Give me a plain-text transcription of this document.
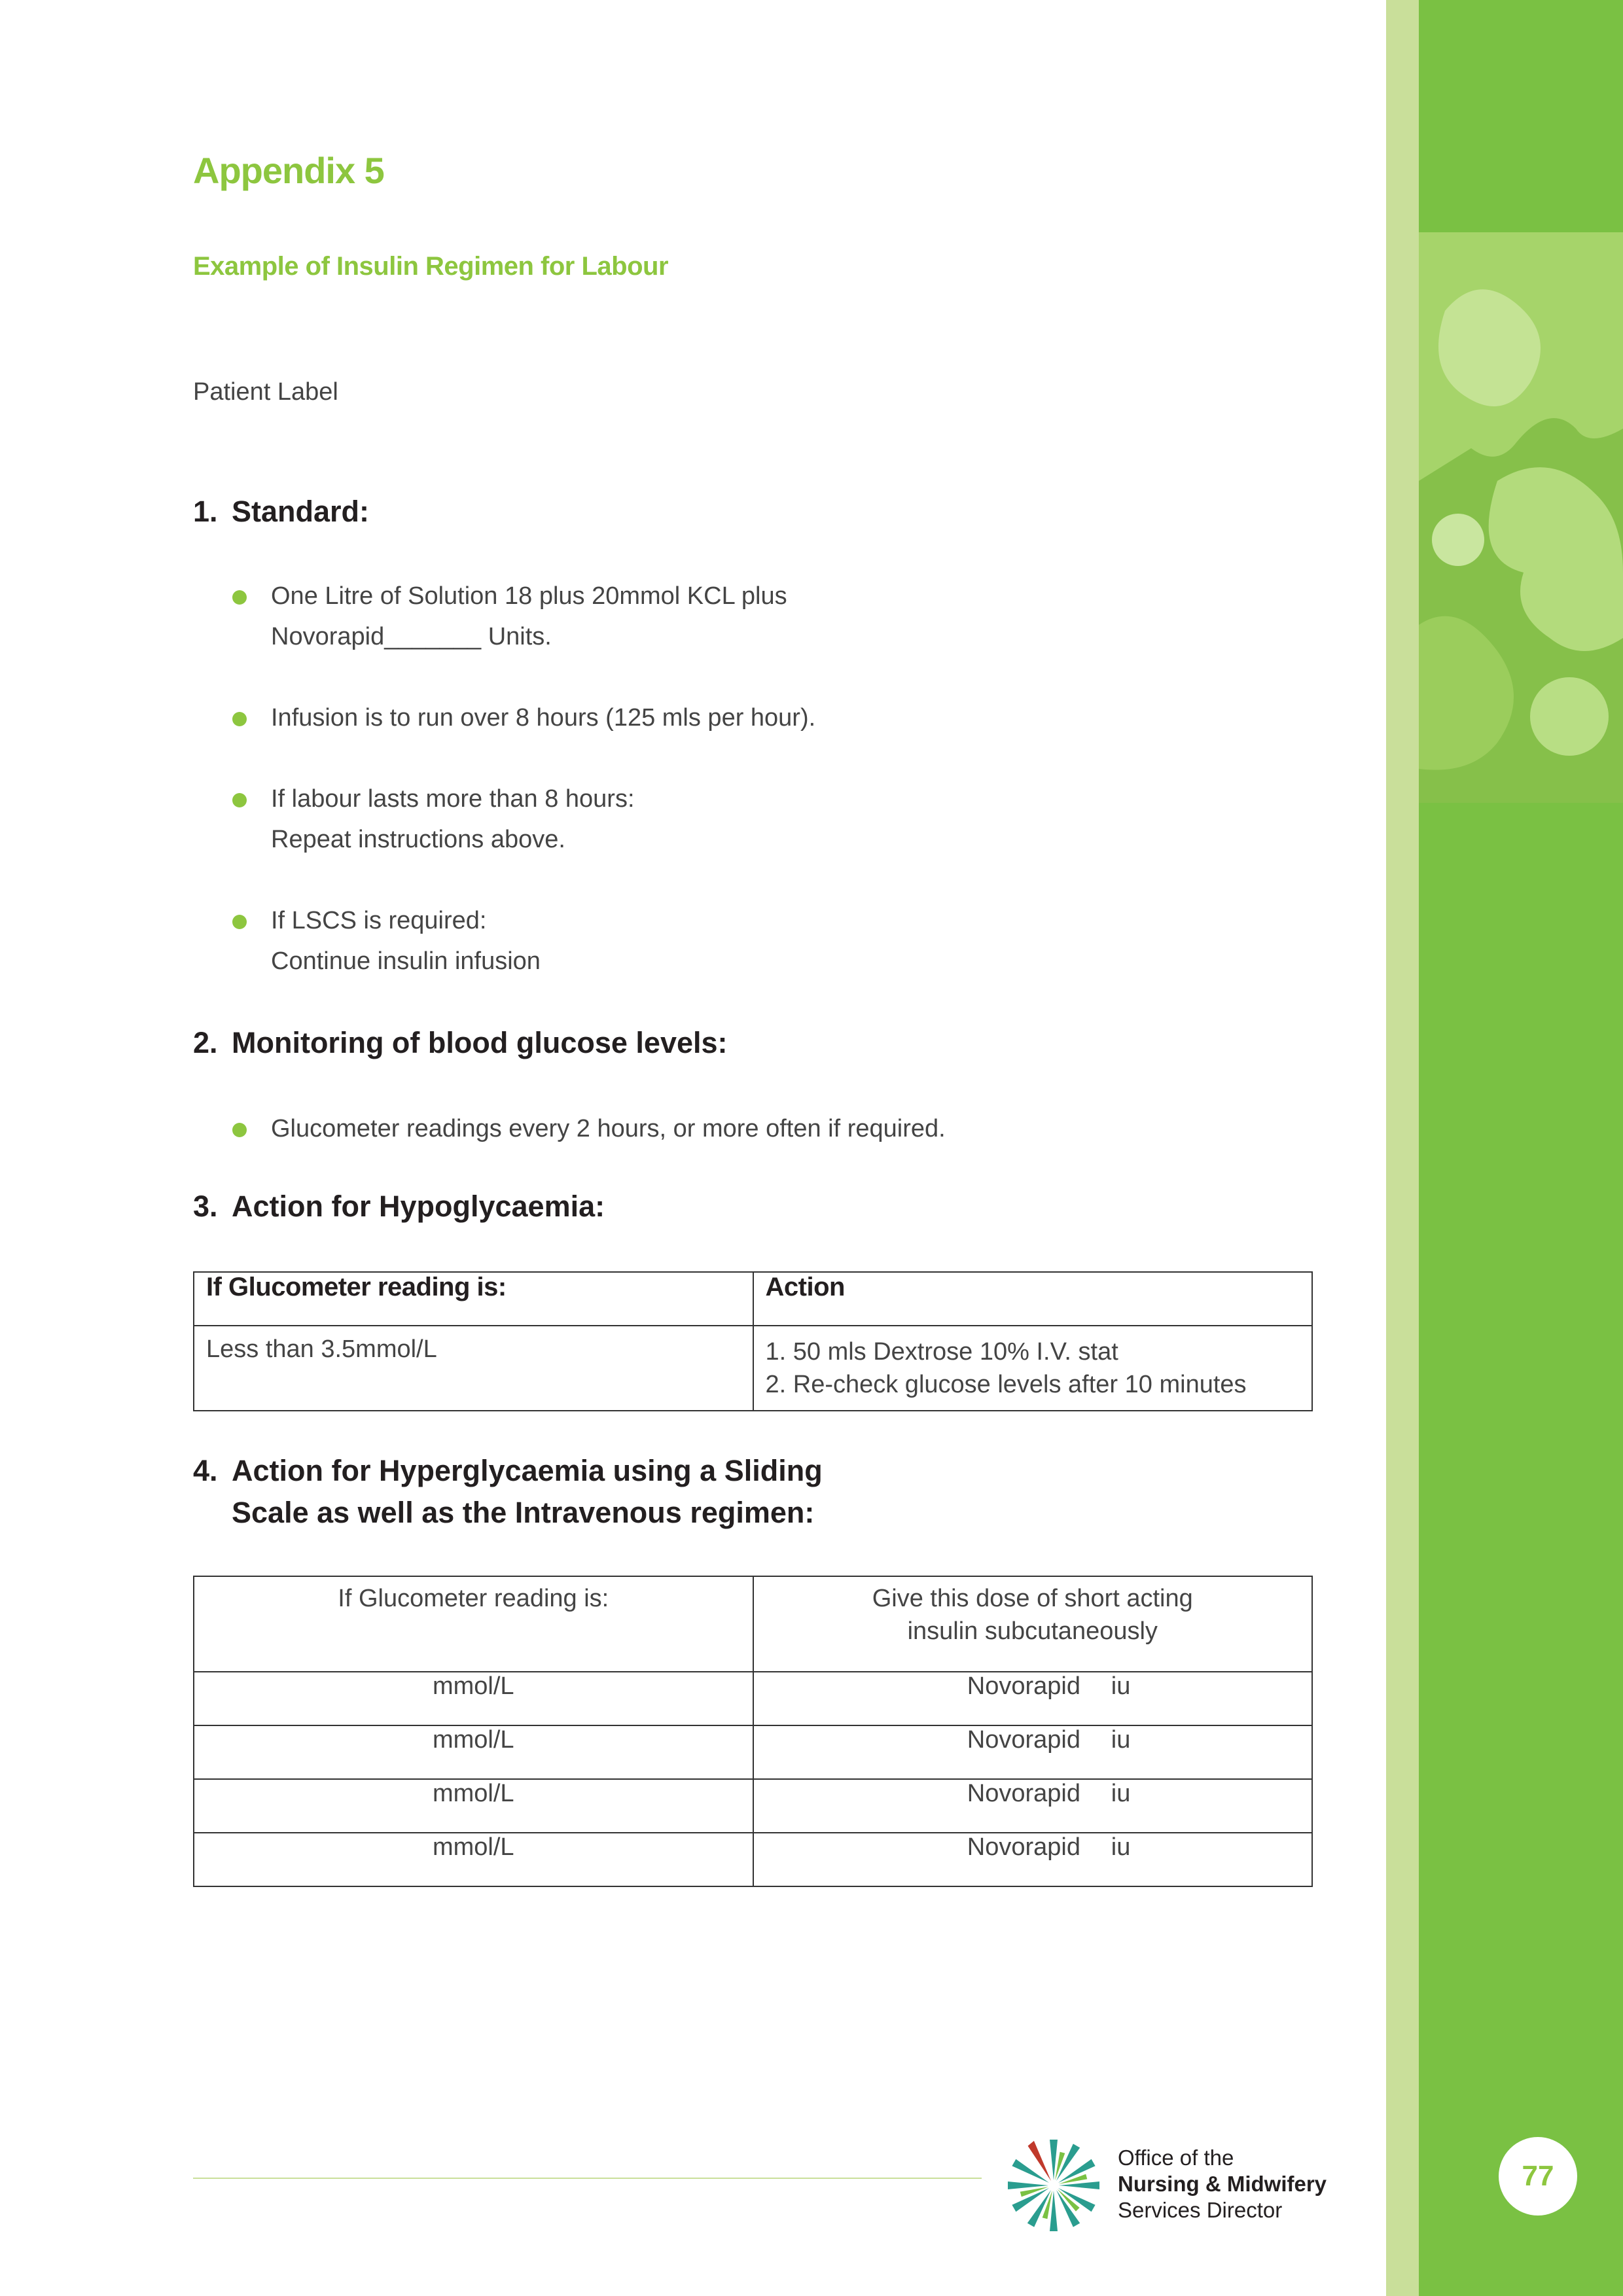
77
Appendix 5
Example of Insulin Regimen for Labour
Patient Label
1. Standard:
One Litre of Solution 18 plus 20mmol KCL plus
Novorapid_______ Units.
Infusion is to run over 8 hours (125 mls per hour).
If labour lasts more than 8 hours:
Repeat instructions above.
If LSCS is required:
Continue insulin infusion
2. Monitoring of blood glucose levels:
Glucometer readings every 2 hours, or more often if required.
3. Action for Hypoglycaemia:
If Glucometer reading is:	Action
Less than 3.5mmol/L	1. 50 mls Dextrose 10% I.V. stat
2. Re-check glucose levels after 10 minutes
4. Action for Hyperglycaemia using a Sliding
Scale as well as the Intravenous regimen:
If Glucometer reading is:	Give this dose of short acting
insulin subcutaneously

mmol/L	Novorapid iu
mmol/L	Novorapid iu
mmol/L	Novorapid iu
mmol/L	Novorapid iu
Office of the
Nursing & Midwifery
Services Director
